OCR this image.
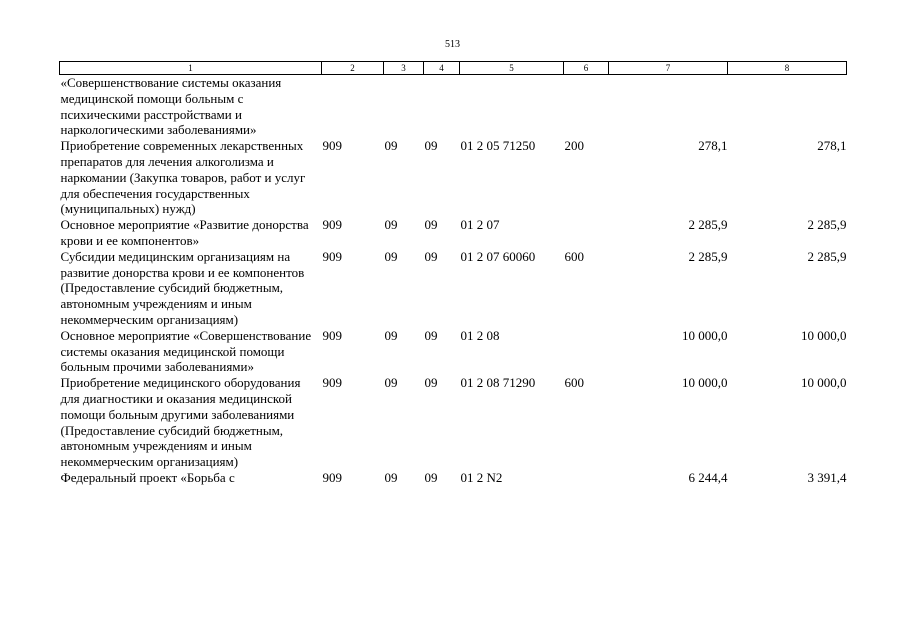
513
1	2	3	4	5	6	7	8
«Совершенствование системы оказания медицинской помощи больным с психическими расстройствами и наркологическими заболеваниями»							
Приобретение современных лекарственных препаратов для лечения алкоголизма и наркомании (Закупка товаров, работ и услуг для обеспечения государственных (муниципальных) нужд)	909	09	09	01 2 05 71250	200	278,1	278,1
Основное мероприятие «Развитие донорства крови и ее компонентов»	909	09	09	01 2 07		2 285,9	2 285,9
Субсидии медицинским организациям на развитие донорства крови и ее компонентов (Предоставление субсидий бюджетным, автономным учреждениям и иным некоммерческим организациям)	909	09	09	01 2 07 60060	600	2 285,9	2 285,9
Основное мероприятие «Совершенствование системы оказания медицинской помощи больным прочими заболеваниями»	909	09	09	01 2 08		10 000,0	10 000,0
Приобретение медицинского оборудования для диагностики и оказания медицинской помощи больным другими заболеваниями (Предоставление субсидий бюджетным, автономным учреждениям и иным некоммерческим организациям)	909	09	09	01 2 08 71290	600	10 000,0	10 000,0
Федеральный проект «Борьба с	909	09	09	01 2 N2		6 244,4	3 391,4
